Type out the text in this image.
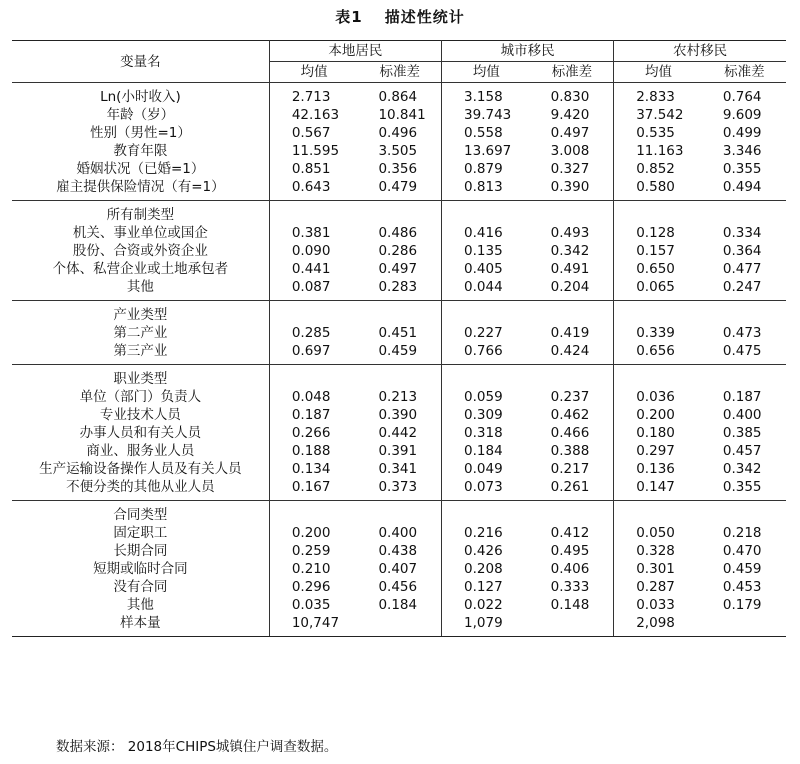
表1 描述性统计
变量名	本地居民		城市移民		农村移民	
	均值	标准差	均值	标准差	均值	标准差
Ln(小时收入)	2.713	0.864	3.158	0.830	2.833	0.764
年龄（岁）	42.163	10.841	39.743	9.420	37.542	9.609
性别（男性=1）	0.567	0.496	0.558	0.497	0.535	0.499
教育年限	11.595	3.505	13.697	3.008	11.163	3.346
婚姻状况（已婚=1）	0.851	0.356	0.879	0.327	0.852	0.355
雇主提供保险情况（有=1）	0.643	0.479	0.813	0.390	0.580	0.494
所有制类型						
机关、事业单位或国企	0.381	0.486	0.416	0.493	0.128	0.334
股份、合资或外资企业	0.090	0.286	0.135	0.342	0.157	0.364
个体、私营企业或土地承包者	0.441	0.497	0.405	0.491	0.650	0.477
其他	0.087	0.283	0.044	0.204	0.065	0.247
产业类型						
第二产业	0.285	0.451	0.227	0.419	0.339	0.473
第三产业	0.697	0.459	0.766	0.424	0.656	0.475
职业类型						
单位（部门）负责人	0.048	0.213	0.059	0.237	0.036	0.187
专业技术人员	0.187	0.390	0.309	0.462	0.200	0.400
办事人员和有关人员	0.266	0.442	0.318	0.466	0.180	0.385
商业、服务业人员	0.188	0.391	0.184	0.388	0.297	0.457
生产运输设备操作人员及有关人员	0.134	0.341	0.049	0.217	0.136	0.342
不便分类的其他从业人员	0.167	0.373	0.073	0.261	0.147	0.355
合同类型						
固定职工	0.200	0.400	0.216	0.412	0.050	0.218
长期合同	0.259	0.438	0.426	0.495	0.328	0.470
短期或临时合同	0.210	0.407	0.208	0.406	0.301	0.459
没有合同	0.296	0.456	0.127	0.333	0.287	0.453
其他	0.035	0.184	0.022	0.148	0.033	0.179
样本量	10,747		1,079		2,098	
数据来源： 2018年CHIPS城镇住户调查数据。
